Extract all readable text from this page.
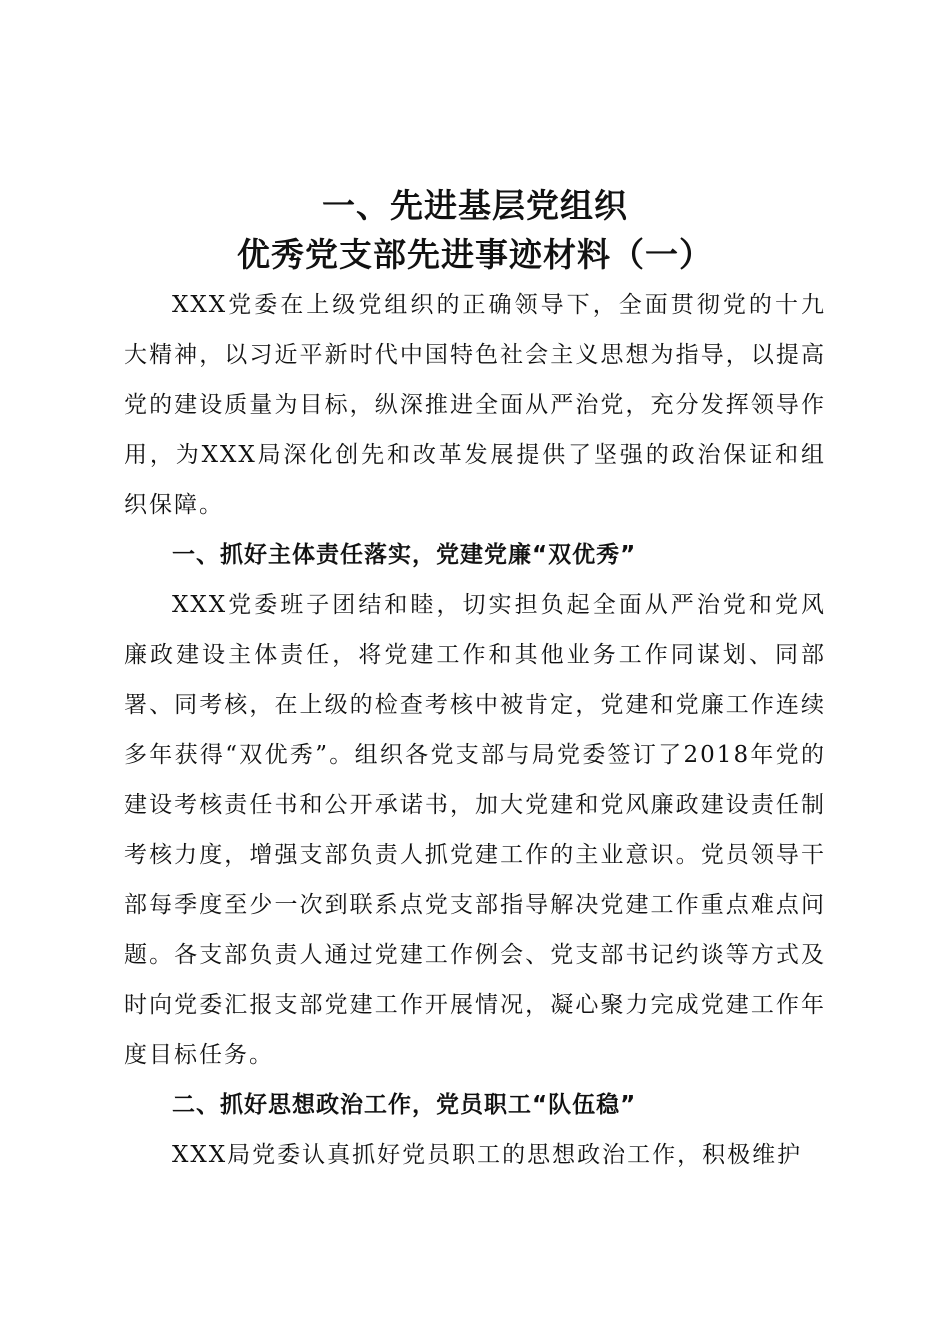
一、先进基层党组织
优秀党支部先进事迹材料（一）

XXX党委在上级党组织的正确领导下，全面贯彻党的十九大精神，以习近平新时代中国特色社会主义思想为指导，以提高党的建设质量为目标，纵深推进全面从严治党，充分发挥领导作用，为XXX局深化创先和改革发展提供了坚强的政治保证和组织保障。

一、抓好主体责任落实，党建党廉“双优秀”

XXX党委班子团结和睦，切实担负起全面从严治党和党风廉政建设主体责任，将党建工作和其他业务工作同谋划、同部署、同考核，在上级的检查考核中被肯定，党建和党廉工作连续多年获得“双优秀”。组织各党支部与局党委签订了2018年党的建设考核责任书和公开承诺书，加大党建和党风廉政建设责任制考核力度，增强支部负责人抓党建工作的主业意识。党员领导干部每季度至少一次到联系点党支部指导解决党建工作重点难点问题。各支部负责人通过党建工作例会、党支部书记约谈等方式及时向党委汇报支部党建工作开展情况，凝心聚力完成党建工作年度目标任务。

二、抓好思想政治工作，党员职工“队伍稳”

XXX局党委认真抓好党员职工的思想政治工作，积极维护
